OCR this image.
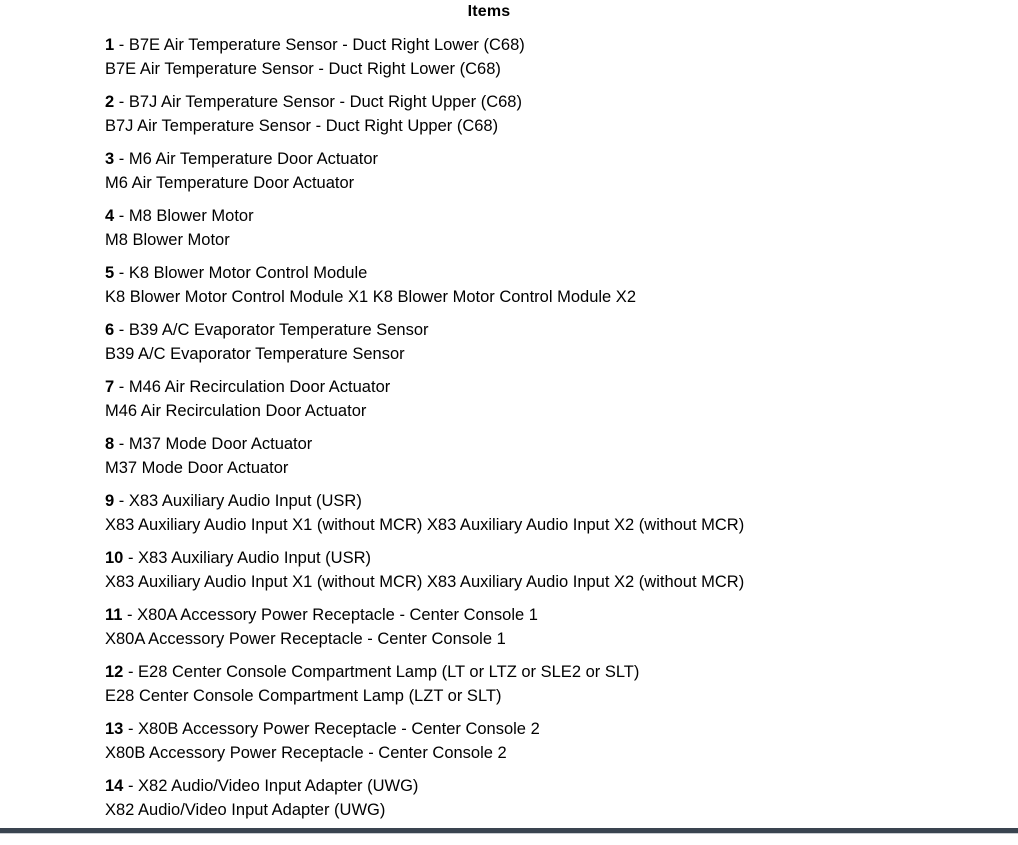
Items
1 - B7E Air Temperature Sensor - Duct Right Lower (C68)
B7E Air Temperature Sensor - Duct Right Lower (C68)
2 - B7J Air Temperature Sensor - Duct Right Upper (C68)
B7J Air Temperature Sensor - Duct Right Upper (C68)
3 - M6 Air Temperature Door Actuator
M6 Air Temperature Door Actuator
4 - M8 Blower Motor
M8 Blower Motor
5 - K8 Blower Motor Control Module
K8 Blower Motor Control Module X1 K8 Blower Motor Control Module X2
6 - B39 A/C Evaporator Temperature Sensor
B39 A/C Evaporator Temperature Sensor
7 - M46 Air Recirculation Door Actuator
M46 Air Recirculation Door Actuator
8 - M37 Mode Door Actuator
M37 Mode Door Actuator
9 - X83 Auxiliary Audio Input (USR)
X83 Auxiliary Audio Input X1 (without MCR) X83 Auxiliary Audio Input X2 (without MCR)
10 - X83 Auxiliary Audio Input (USR)
X83 Auxiliary Audio Input X1 (without MCR) X83 Auxiliary Audio Input X2 (without MCR)
11 - X80A Accessory Power Receptacle - Center Console 1
X80A Accessory Power Receptacle - Center Console 1
12 - E28 Center Console Compartment Lamp (LT or LTZ or SLE2 or SLT)
E28 Center Console Compartment Lamp (LZT or SLT)
13 - X80B Accessory Power Receptacle - Center Console 2
X80B Accessory Power Receptacle - Center Console 2
14 - X82 Audio/Video Input Adapter (UWG)
X82 Audio/Video Input Adapter (UWG)
